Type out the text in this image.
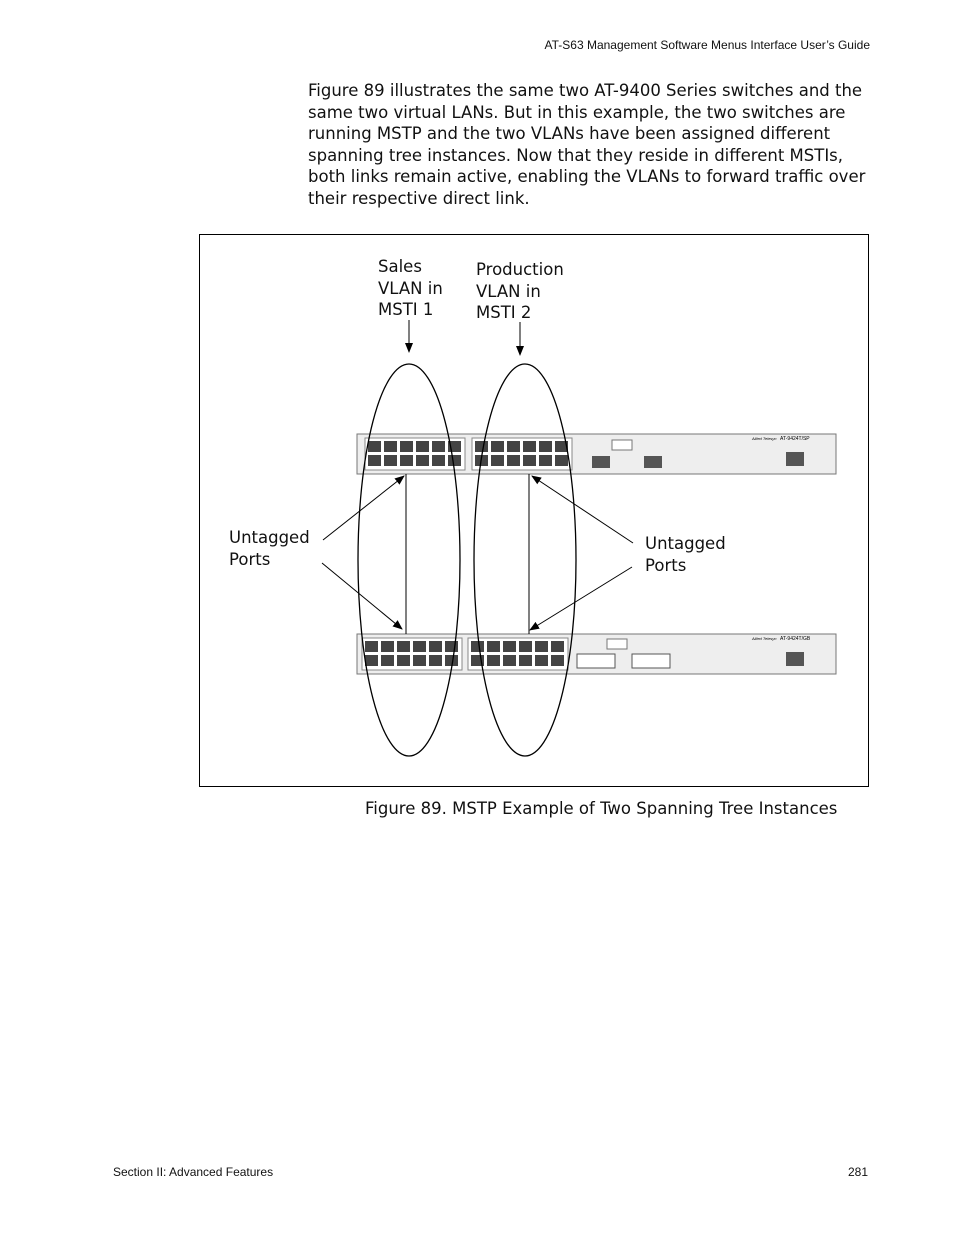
AT-S63 Management Software Menus Interface User’s Guide
Figure 89 illustrates the same two AT-9400 Series switches and the same two virtual LANs. But in this example, the two switches are running MSTP and the two VLANs have been assigned different spanning tree instances. Now that they reside in different MSTIs, both links remain active, enabling the VLANs to forward traffic over their respective direct link.
Sales
VLAN in
MSTI 1
Production
VLAN in
MSTI 2
Untagged
Ports
Untagged
Ports
AT-9424T/SP
Allied Telesyn
AT-9424T/GB
Allied Telesyn
Figure 89. MSTP Example of Two Spanning Tree Instances
Section II: Advanced Features	281
